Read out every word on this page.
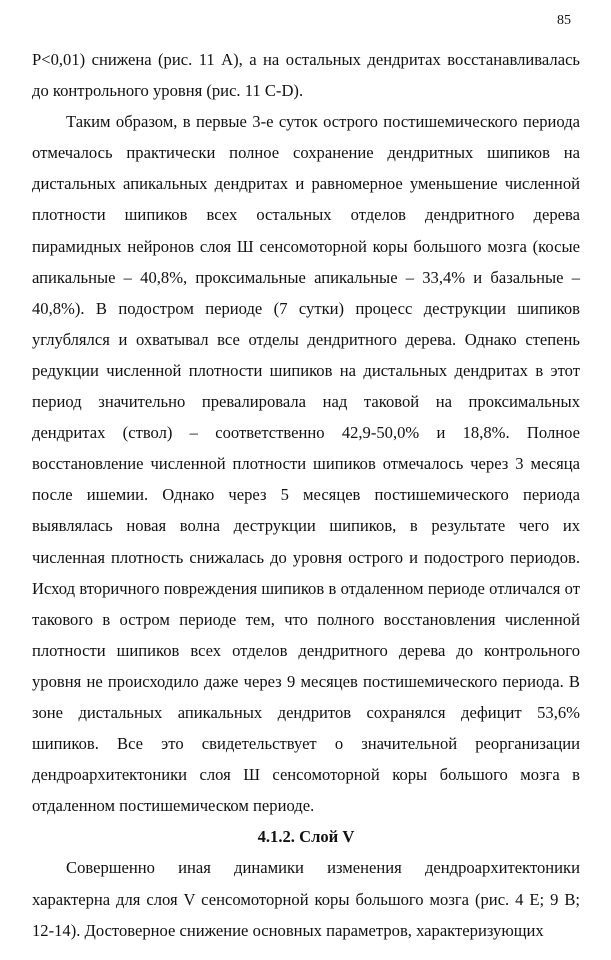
85

P<0,01) снижена (рис. 11 А), а на остальных дендритах восстанавливалась до контрольного уровня (рис. 11 C-D).

Таким образом, в первые 3-е суток острого постишемического периода отмечалось практически полное сохранение дендритных шипиков на дистальных апикальных дендритах и равномерное уменьшение численной плотности шипиков всех остальных отделов дендритного дерева пирамидных нейронов слоя Ш сенсомоторной коры большого мозга (косые апикальные – 40,8%, проксимальные апикальные – 33,4% и базальные – 40,8%). В подостром периоде (7 сутки) процесс деструкции шипиков углублялся и охватывал все отделы дендритного дерева. Однако степень редукции численной плотности шипиков на дистальных дендритах в этот период значительно превалировала над таковой на проксимальных дендритах (ствол) – соответственно 42,9-50,0% и 18,8%. Полное восстановление численной плотности шипиков отмечалось через 3 месяца после ишемии. Однако через 5 месяцев постишемического периода выявлялась новая волна деструкции шипиков, в результате чего их численная плотность снижалась до уровня острого и подострого периодов. Исход вторичного повреждения шипиков в отдаленном периоде отличался от такового в остром периоде тем, что полного восстановления численной плотности шипиков всех отделов дендритного дерева до контрольного уровня не происходило даже через 9 месяцев постишемического периода. В зоне дистальных апикальных дендритов сохранялся дефицит 53,6% шипиков. Все это свидетельствует о значительной реорганизации дендроархитектоники слоя Ш сенсомоторной коры большого мозга в отдаленном постишемическом периоде.

4.1.2. Слой V

Совершенно иная динамики изменения дендроархитектоники характерна для слоя V сенсомоторной коры большого мозга (рис. 4 Е; 9 В; 12-14). Достоверное снижение основных параметров, характеризующих
